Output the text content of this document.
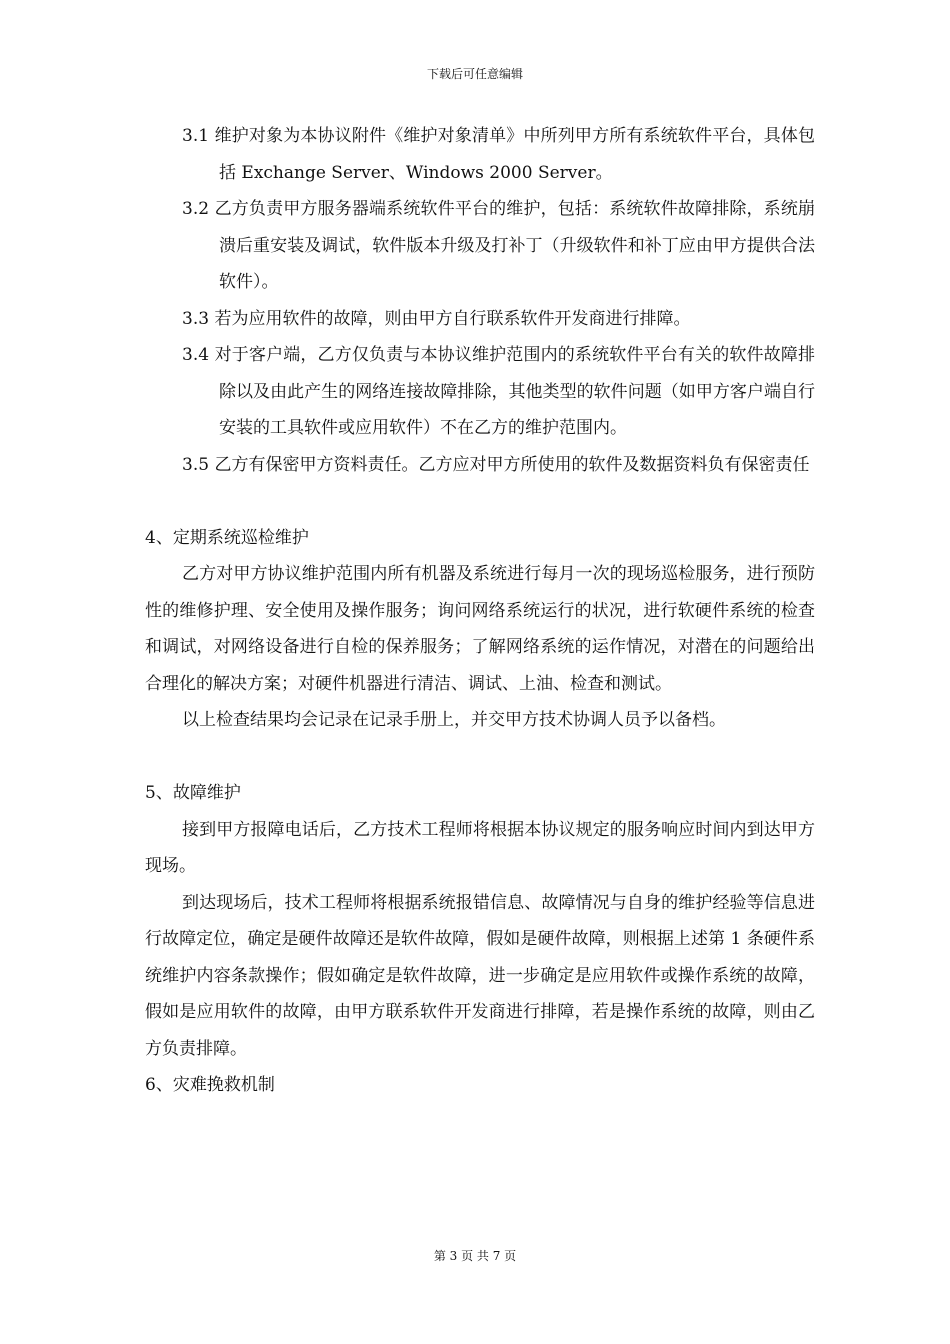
下载后可任意编辑
3.1 维护对象为本协议附件《维护对象清单》中所列甲方所有系统软件平台，具体包括 Exchange Server、Windows 2000 Server。
3.2 乙方负责甲方服务器端系统软件平台的维护，包括：系统软件故障排除，系统崩溃后重安装及调试，软件版本升级及打补丁（升级软件和补丁应由甲方提供合法软件）。
3.3 若为应用软件的故障，则由甲方自行联系软件开发商进行排障。
3.4 对于客户端，乙方仅负责与本协议维护范围内的系统软件平台有关的软件故障排除以及由此产生的网络连接故障排除，其他类型的软件问题（如甲方客户端自行安装的工具软件或应用软件）不在乙方的维护范围内。
3.5 乙方有保密甲方资料责任。乙方应对甲方所使用的软件及数据资料负有保密责任
4、定期系统巡检维护
乙方对甲方协议维护范围内所有机器及系统进行每月一次的现场巡检服务，进行预防性的维修护理、安全使用及操作服务；询问网络系统运行的状况，进行软硬件系统的检查和调试，对网络设备进行自检的保养服务；了解网络系统的运作情况，对潜在的问题给出合理化的解决方案；对硬件机器进行清洁、调试、上油、检查和测试。
以上检查结果均会记录在记录手册上，并交甲方技术协调人员予以备档。
5、故障维护
接到甲方报障电话后，乙方技术工程师将根据本协议规定的服务响应时间内到达甲方现场。
到达现场后，技术工程师将根据系统报错信息、故障情况与自身的维护经验等信息进行故障定位，确定是硬件故障还是软件故障，假如是硬件故障，则根据上述第 1 条硬件系统维护内容条款操作；假如确定是软件故障，进一步确定是应用软件或操作系统的故障，假如是应用软件的故障，由甲方联系软件开发商进行排障，若是操作系统的故障，则由乙方负责排障。
6、灾难挽救机制
第 3 页 共 7 页
